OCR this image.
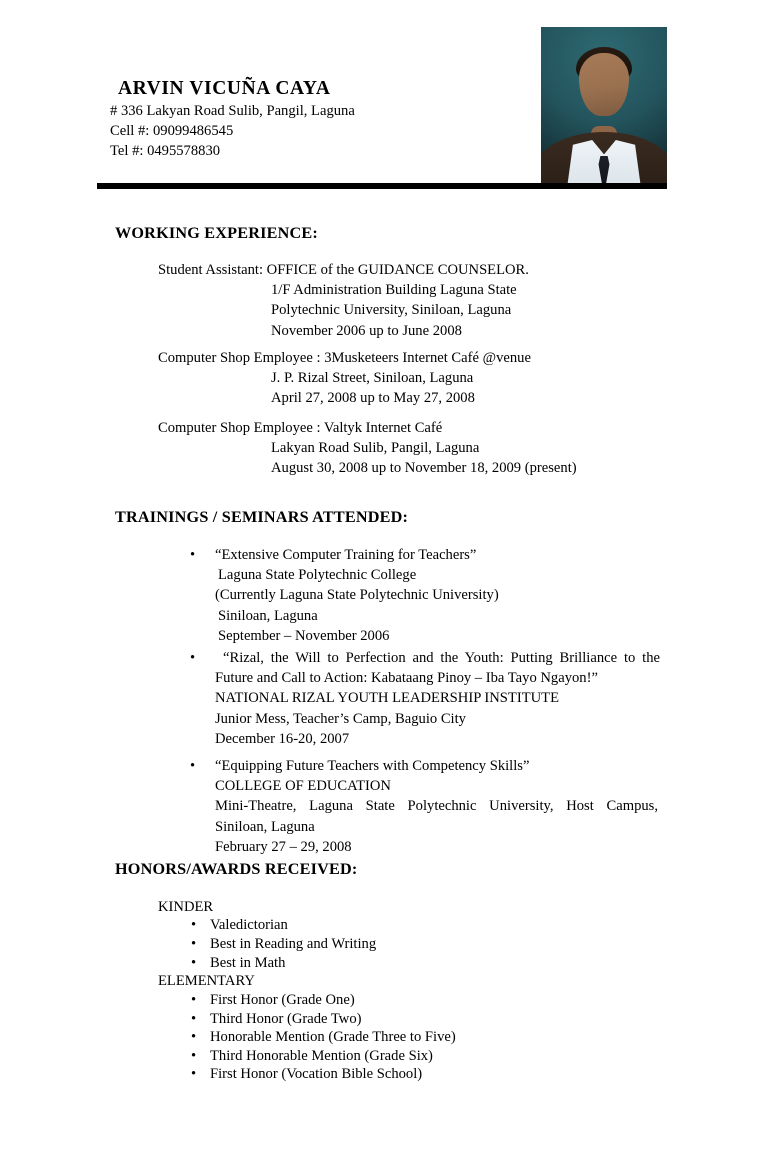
ARVIN VICUÑA CAYA
# 336 Lakyan Road Sulib, Pangil, Laguna
Cell #: 09099486545
Tel #: 0495578830
WORKING EXPERIENCE:
Student Assistant: OFFICE of the GUIDANCE COUNSELOR.
1/F Administration Building Laguna State
Polytechnic University, Siniloan, Laguna
November 2006 up to June 2008
Computer Shop Employee : 3Musketeers Internet Café @venue
J. P. Rizal Street, Siniloan, Laguna
April 27, 2008 up to May 27, 2008
Computer Shop Employee : Valtyk Internet Café
Lakyan Road Sulib, Pangil, Laguna
August 30, 2008 up to November 18, 2009 (present)
TRAININGS / SEMINARS ATTENDED:
•	“Extensive Computer Training for Teachers”
Laguna State Polytechnic College
(Currently Laguna State Polytechnic University)
Siniloan, Laguna
September – November 2006
•	“Rizal, the Will to Perfection and the Youth: Putting Brilliance to the Future and Call to Action: Kabataang Pinoy – Iba Tayo Ngayon!”
NATIONAL RIZAL YOUTH LEADERSHIP INSTITUTE
Junior Mess, Teacher’s Camp, Baguio City
December 16-20, 2007
•	“Equipping Future Teachers with Competency Skills”
COLLEGE OF EDUCATION
Mini-Theatre, Laguna State Polytechnic University, Host Campus, Siniloan, Laguna
February 27 – 29, 2008
HONORS/AWARDS RECEIVED:
KINDER
• Valedictorian
• Best in Reading and Writing
• Best in Math
ELEMENTARY
• First Honor (Grade One)
• Third Honor (Grade Two)
• Honorable Mention (Grade Three to Five)
• Third Honorable Mention (Grade Six)
• First Honor (Vocation Bible School)
